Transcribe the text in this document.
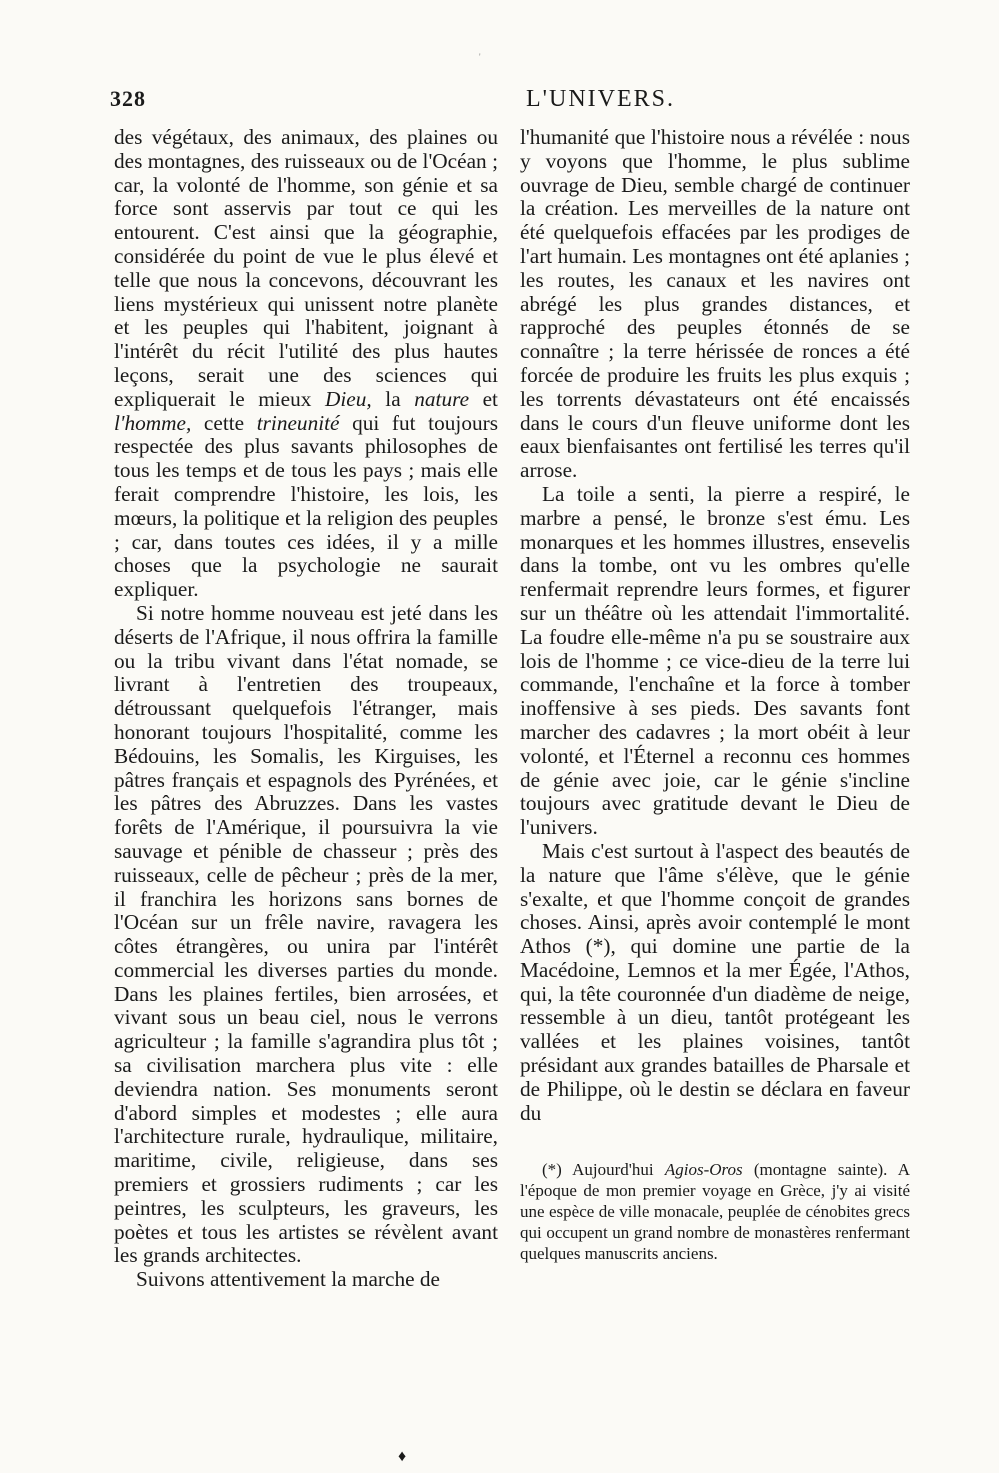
'
328	L'UNIVERS.

des végétaux, des animaux, des plaines ou des montagnes, des ruisseaux ou de l'Océan ; car, la volonté de l'homme, son génie et sa force sont asservis par tout ce qui les entourent. C'est ainsi que la géographie, considérée du point de vue le plus élevé et telle que nous la concevons, découvrant les liens mystérieux qui unissent notre planète et les peuples qui l'habitent, joignant à l'intérêt du récit l'utilité des plus hautes leçons, serait une des sciences qui expliquerait le mieux Dieu, la nature et l'homme, cette trineunité qui fut toujours respectée des plus savants philosophes de tous les temps et de tous les pays ; mais elle ferait comprendre l'histoire, les lois, les mœurs, la politique et la religion des peuples ; car, dans toutes ces idées, il y a mille choses que la psychologie ne saurait expliquer.

Si notre homme nouveau est jeté dans les déserts de l'Afrique, il nous offrira la famille ou la tribu vivant dans l'état nomade, se livrant à l'entretien des troupeaux, détroussant quelquefois l'étranger, mais honorant toujours l'hospitalité, comme les Bédouins, les Somalis, les Kirguises, les pâtres français et espagnols des Pyrénées, et les pâtres des Abruzzes. Dans les vastes forêts de l'Amérique, il poursuivra la vie sauvage et pénible de chasseur ; près des ruisseaux, celle de pêcheur ; près de la mer, il franchira les horizons sans bornes de l'Océan sur un frêle navire, ravagera les côtes étrangères, ou unira par l'intérêt commercial les diverses parties du monde. Dans les plaines fertiles, bien arrosées, et vivant sous un beau ciel, nous le verrons agriculteur ; la famille s'agrandira plus tôt ; sa civilisation marchera plus vite : elle deviendra nation. Ses monuments seront d'abord simples et modestes ; elle aura l'architecture rurale, hydraulique, militaire, maritime, civile, religieuse, dans ses premiers et grossiers rudiments ; car les peintres, les sculpteurs, les graveurs, les poètes et tous les artistes se révèlent avant les grands architectes.

Suivons attentivement la marche de

l'humanité que l'histoire nous a révélée : nous y voyons que l'homme, le plus sublime ouvrage de Dieu, semble chargé de continuer la création. Les merveilles de la nature ont été quelquefois effacées par les prodiges de l'art humain. Les montagnes ont été aplanies ; les routes, les canaux et les navires ont abrégé les plus grandes distances, et rapproché des peuples étonnés de se connaître ; la terre hérissée de ronces a été forcée de produire les fruits les plus exquis ; les torrents dévastateurs ont été encaissés dans le cours d'un fleuve uniforme dont les eaux bienfaisantes ont fertilisé les terres qu'il arrose.

La toile a senti, la pierre a respiré, le marbre a pensé, le bronze s'est ému. Les monarques et les hommes illustres, ensevelis dans la tombe, ont vu les ombres qu'elle renfermait reprendre leurs formes, et figurer sur un théâtre où les attendait l'immortalité. La foudre elle-même n'a pu se soustraire aux lois de l'homme ; ce vice-dieu de la terre lui commande, l'enchaîne et la force à tomber inoffensive à ses pieds. Des savants font marcher des cadavres ; la mort obéit à leur volonté, et l'Éternel a reconnu ces hommes de génie avec joie, car le génie s'incline toujours avec gratitude devant le Dieu de l'univers.

Mais c'est surtout à l'aspect des beautés de la nature que l'âme s'élève, que le génie s'exalte, et que l'homme conçoit de grandes choses. Ainsi, après avoir contemplé le mont Athos (*), qui domine une partie de la Macédoine, Lemnos et la mer Égée, l'Athos, qui, la tête couronnée d'un diadème de neige, ressemble à un dieu, tantôt protégeant les vallées et les plaines voisines, tantôt présidant aux grandes batailles de Pharsale et de Philippe, où le destin se déclara en faveur du

(*) Aujourd'hui Agios-Oros (montagne sainte). A l'époque de mon premier voyage en Grèce, j'y ai visité une espèce de ville monacale, peuplée de cénobites grecs qui occupent un grand nombre de monastères renfermant quelques manuscrits anciens.

♦
